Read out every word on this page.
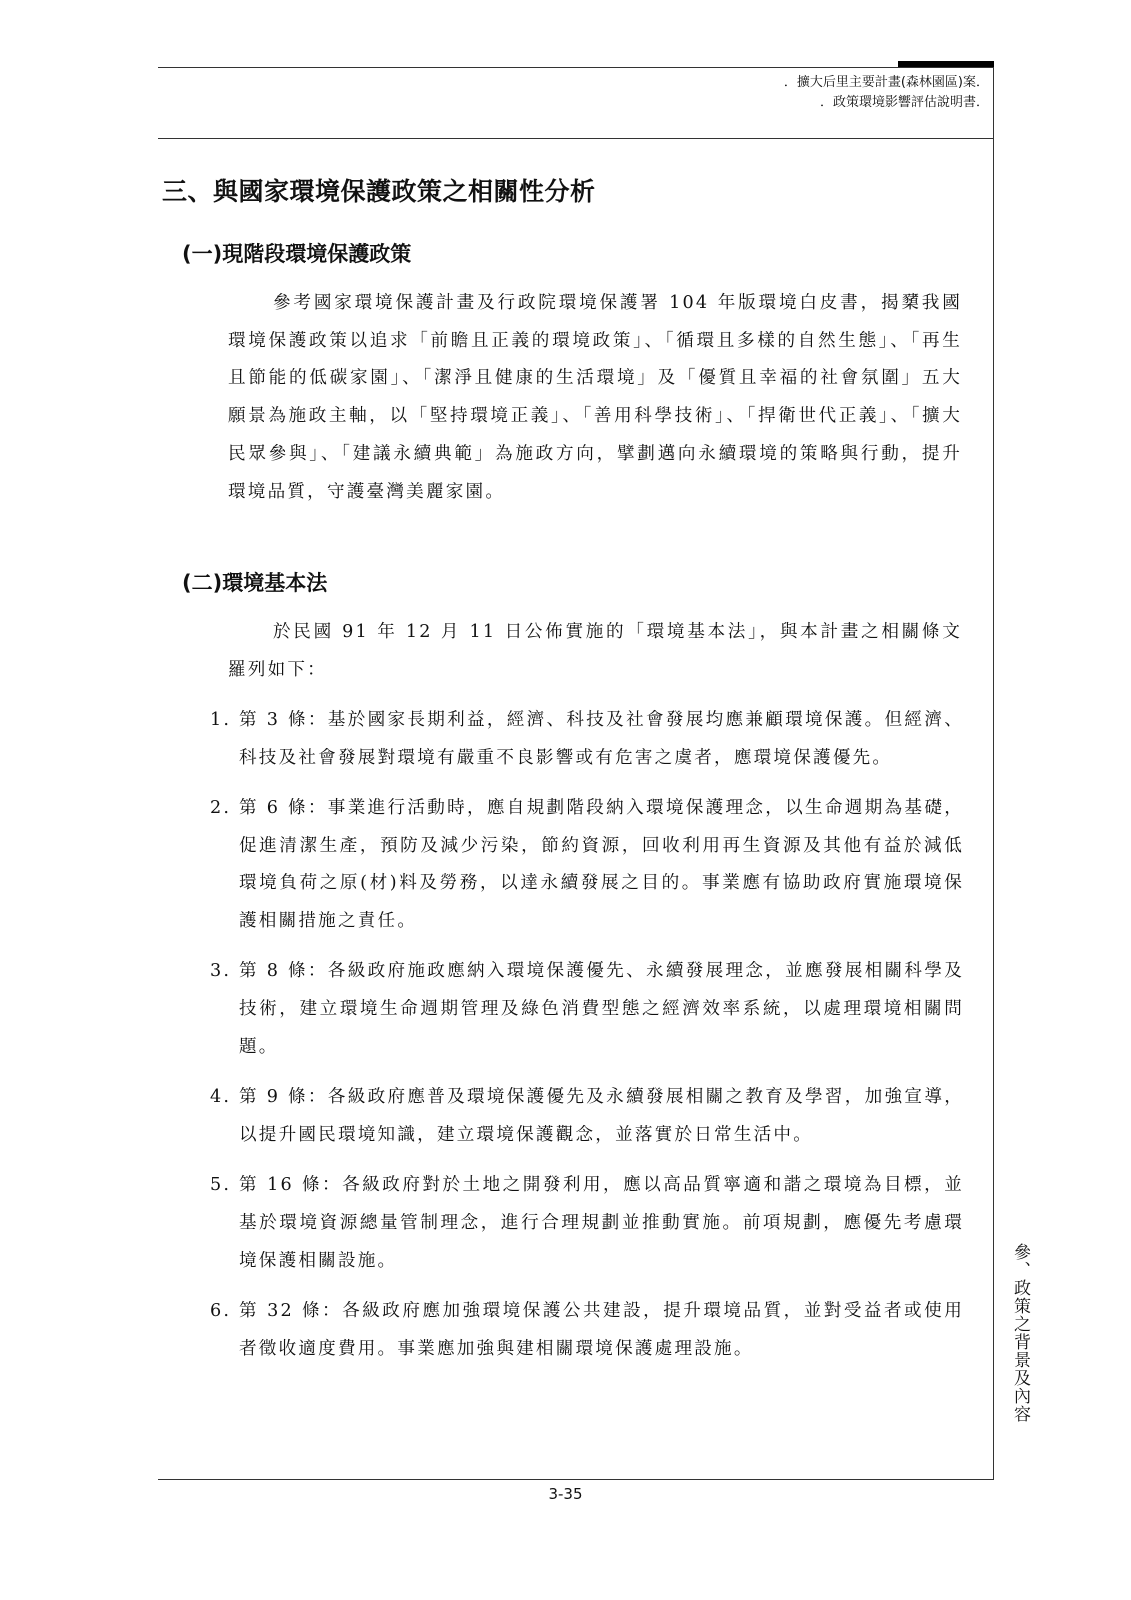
．擴大后里主要計畫(森林園區)案．
．政策環境影響評估說明書．
參、政策之背景及內容
三、與國家環境保護政策之相關性分析
(一)現階段環境保護政策

參考國家環境保護計畫及行政院環境保護署 104 年版環境白皮書，揭櫫我國環境保護政策以追求「前瞻且正義的環境政策」、「循環且多樣的自然生態」、「再生且節能的低碳家園」、「潔淨且健康的生活環境」及「優質且幸福的社會氛圍」五大願景為施政主軸，以「堅持環境正義」、「善用科學技術」、「捍衛世代正義」、「擴大民眾參與」、「建議永續典範」為施政方向，擘劃邁向永續環境的策略與行動，提升環境品質，守護臺灣美麗家園。

(二)環境基本法

於民國 91 年 12 月 11 日公佈實施的「環境基本法」，與本計畫之相關條文羅列如下：

1. 第 3 條：基於國家長期利益，經濟、科技及社會發展均應兼顧環境保護。但經濟、科技及社會發展對環境有嚴重不良影響或有危害之虞者，應環境保護優先。
2. 第 6 條：事業進行活動時，應自規劃階段納入環境保護理念，以生命週期為基礎，促進清潔生產，預防及減少污染，節約資源，回收利用再生資源及其他有益於減低環境負荷之原(材)料及勞務，以達永續發展之目的。事業應有協助政府實施環境保護相關措施之責任。
3. 第 8 條：各級政府施政應納入環境保護優先、永續發展理念，並應發展相關科學及技術，建立環境生命週期管理及綠色消費型態之經濟效率系統，以處理環境相關問題。
4. 第 9 條：各級政府應普及環境保護優先及永續發展相關之教育及學習，加強宣導，以提升國民環境知識，建立環境保護觀念，並落實於日常生活中。
5. 第 16 條：各級政府對於土地之開發利用，應以高品質寧適和諧之環境為目標，並基於環境資源總量管制理念，進行合理規劃並推動實施。前項規劃，應優先考慮環境保護相關設施。
6. 第 32 條：各級政府應加強環境保護公共建設，提升環境品質，並對受益者或使用者徵收適度費用。事業應加強與建相關環境保護處理設施。
3-35
